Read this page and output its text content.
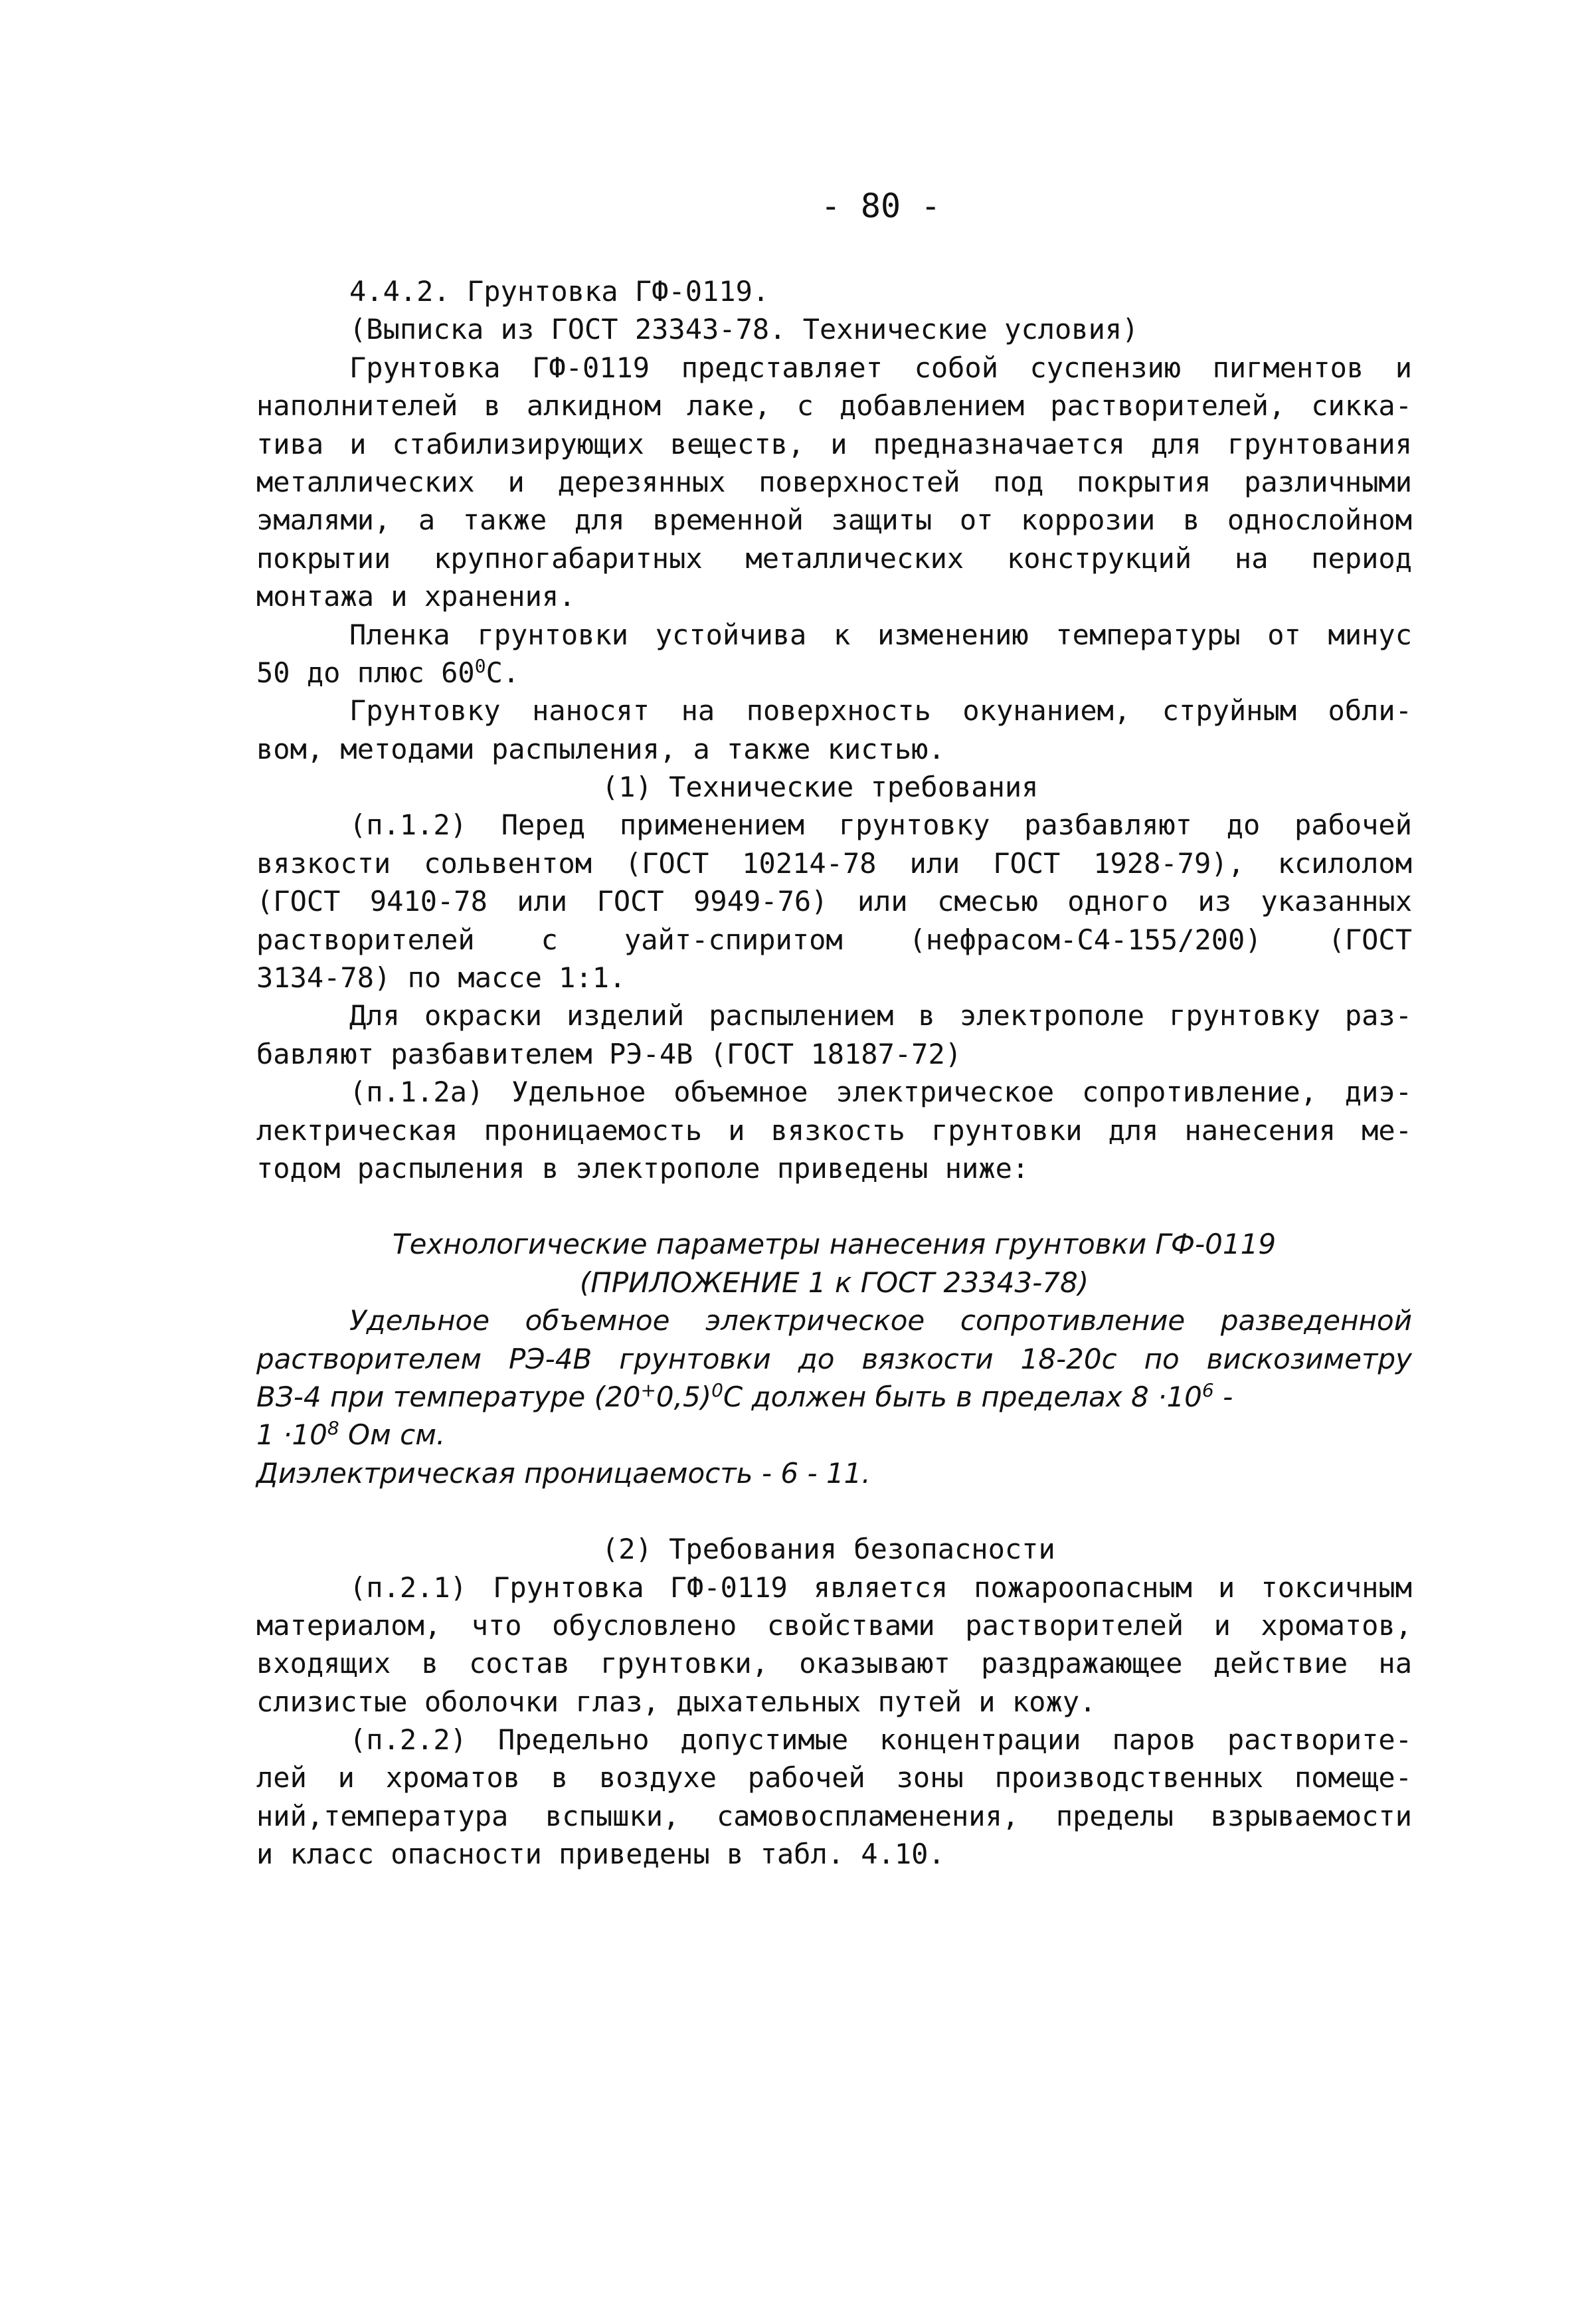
- 80 -
4.4.2. Грунтовка ГФ-0119.
(Выписка из ГОСТ 23343-78. Технические условия)
Грунтовка ГФ-0119 представляет собой суспензию пигментов и
наполнителей в алкидном лаке, с добавлением растворителей, сикка-
тива и стабилизирующих веществ, и предназначается для грунтования
металлических и дерезянных поверхностей под покрытия различными
эмалями, а также для временной защиты от коррозии в однослойном
покрытии крупногабаритных металлических конструкций на период
монтажа и хранения.
Пленка грунтовки устойчива к изменению температуры от минус
50 до плюс $60^0С$.
Грунтовку наносят на поверхность окунанием, струйным обли-
вом, методами распыления, а также кистью.
(1) Технические требования
(п.1.2) Перед применением грунтовку разбавляют до рабочей
вязкости сольвентом (ГОСТ 10214-78 или ГОСТ 1928-79), ксилолом
(ГОСТ 9410-78 или ГОСТ 9949-76) или смесью одного из указанных
растворителей с уайт-спиритом (нефрасом-С4-155/200) (ГОСТ
3134-78) по массе 1:1.
Для окраски изделий распылением в электрополе грунтовку раз-
бавляют разбавителем РЭ-4В (ГОСТ 18187-72)
(п.1.2а) Удельное объемное электрическое сопротивление, диэ-
лектрическая проницаемость и вязкость грунтовки для нанесения ме-
тодом распыления в электрополе приведены ниже:
Технологические параметры нанесения грунтовки ГФ-0119
(ПРИЛОЖЕНИЕ 1 к ГОСТ 23343-78)
Удельное объемное электрическое сопротивление разведенной
растворителем РЭ-4В грунтовки до вязкости 18-20с по вискозиметру
ВЗ-4 при температуре $(20^+0,5)^0С$ должен быть в пределах $8 \cdot 10^6$ -
$1 \cdot 10^8$ Ом см.
Диэлектрическая проницаемость - 6 - 11.
(2) Требования безопасности
(п.2.1) Грунтовка ГФ-0119 является пожароопасным и токсичным
материалом, что обусловлено свойствами растворителей и хроматов,
входящих в состав грунтовки, оказывают раздражающее действие на
слизистые оболочки глаз, дыхательных путей и кожу.
(п.2.2) Предельно допустимые концентрации паров растворите-
лей и хроматов в воздухе рабочей зоны производственных помеще-
ний,температура вспышки, самовоспламенения, пределы взрываемости
и класс опасности приведены в табл. 4.10.
